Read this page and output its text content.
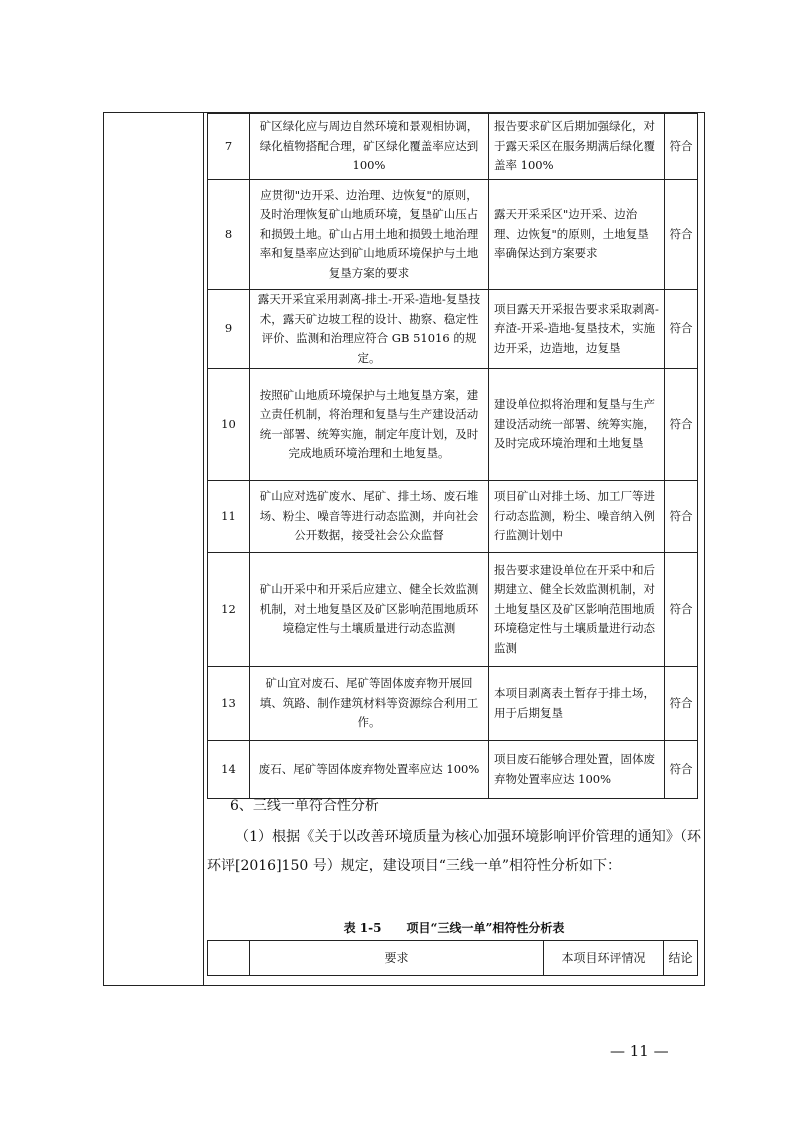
7	矿区绿化应与周边自然环境和景观相协调，绿化植物搭配合理，矿区绿化覆盖率应达到 100%	报告要求矿区后期加强绿化，对于露天采区在服务期满后绿化覆盖率 100%	符合
8	应贯彻"边开采、边治理、边恢复"的原则，及时治理恢复矿山地质环境，复垦矿山压占和损毁土地。矿山占用土地和损毁土地治理率和复垦率应达到矿山地质环境保护与土地复垦方案的要求	露天开采采区"边开采、边治理、边恢复"的原则，土地复垦率确保达到方案要求	符合
9	露天开采宜采用剥离-排土-开采-造地-复垦技术，露天矿边坡工程的设计、勘察、稳定性评价、监测和治理应符合 GB 51016 的规定。	项目露天开采报告要求采取剥离-弃渣-开采-造地-复垦技术，实施边开采，边造地，边复垦	符合
10	按照矿山地质环境保护与土地复垦方案，建立责任机制，将治理和复垦与生产建设活动统一部署、统筹实施，制定年度计划，及时完成地质环境治理和土地复垦。	建设单位拟将治理和复垦与生产建设活动统一部署、统筹实施，及时完成环境治理和土地复垦	符合
11	矿山应对选矿废水、尾矿、排土场、废石堆场、粉尘、噪音等进行动态监测，并向社会公开数据，接受社会公众监督	项目矿山对排土场、加工厂等进行动态监测，粉尘、噪音纳入例行监测计划中	符合
12	矿山开采中和开采后应建立、健全长效监测机制，对土地复垦区及矿区影响范围地质环境稳定性与土壤质量进行动态监测	报告要求建设单位在开采中和后期建立、健全长效监测机制，对土地复垦区及矿区影响范围地质环境稳定性与土壤质量进行动态监测	符合
13	矿山宜对废石、尾矿等固体废弃物开展回填、筑路、制作建筑材料等资源综合利用工作。	本项目剥离表土暂存于排土场，用于后期复垦	符合
14	废石、尾矿等固体废弃物处置率应达 100%	项目废石能够合理处置，固体废弃物处置率应达 100%	符合
6、三线一单符合性分析

（1）根据《关于以改善环境质量为核心加强环境影响评价管理的通知》（环环评[2016]150 号）规定，建设项目“三线一单”相符性分析如下：

表 1-5      项目“三线一单”相符性分析表
	要求	本项目环评情况	结论
— 11 —
